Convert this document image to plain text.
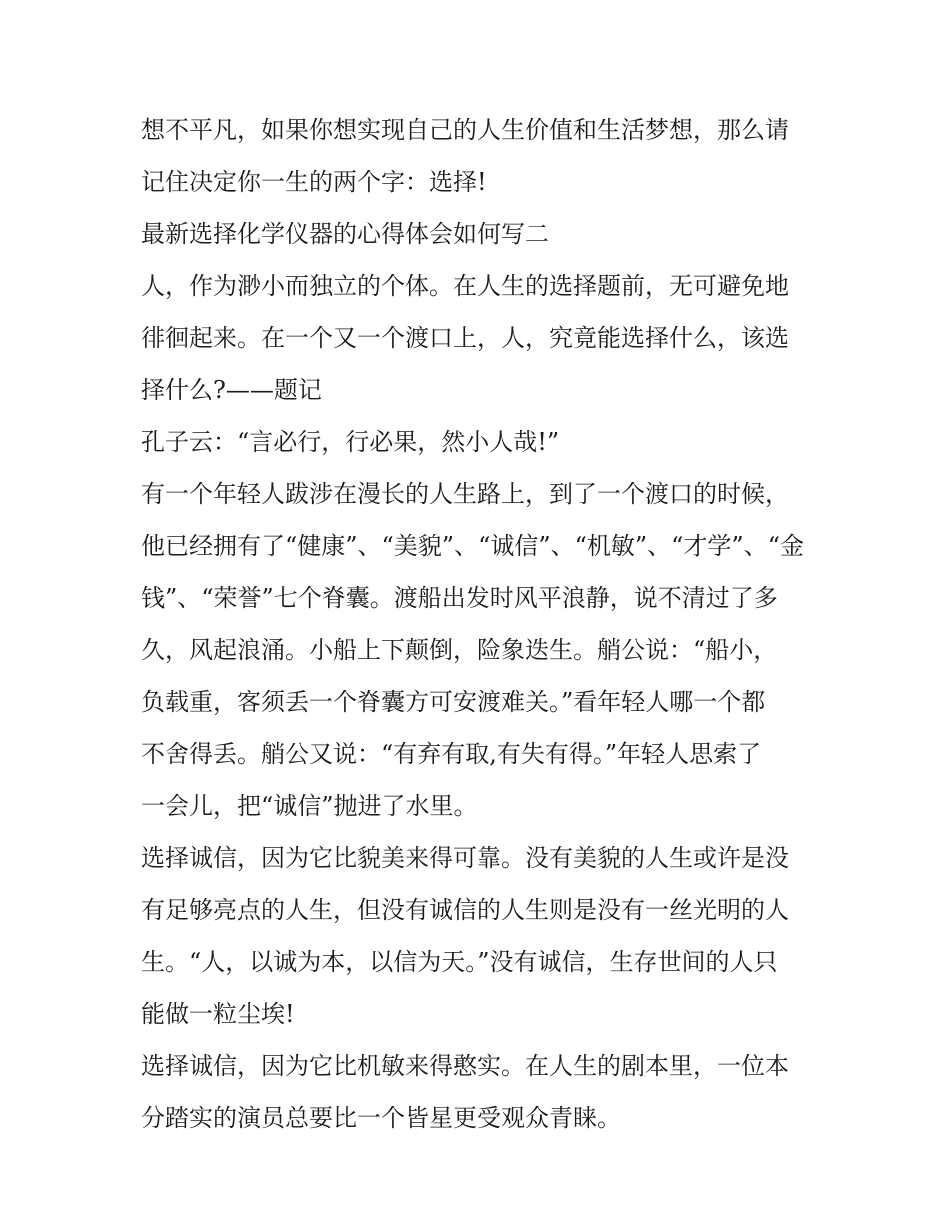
想不平凡，如果你想实现自己的人生价值和生活梦想，那么请
记住决定你一生的两个字：选择!
最新选择化学仪器的心得体会如何写二
人，作为渺小而独立的个体。在人生的选择题前，无可避免地
徘徊起来。在一个又一个渡口上，人，究竟能选择什么，该选
择什么?——题记
孔子云：“言必行，行必果，然小人哉!”
有一个年轻人跋涉在漫长的人生路上，到了一个渡口的时候，
他已经拥有了“健康”、“美貌”、“诚信”、“机敏”、“才学”、“金
钱”、“荣誉”七个脊囊。渡船出发时风平浪静，说不清过了多
久，风起浪涌。小船上下颠倒，险象迭生。艄公说：“船小，
负载重，客须丢一个脊囊方可安渡难关。”看年轻人哪一个都
不舍得丢。艄公又说：“有弃有取,有失有得。”年轻人思索了
一会儿，把“诚信”抛进了水里。
选择诚信，因为它比貌美来得可靠。没有美貌的人生或许是没
有足够亮点的人生，但没有诚信的人生则是没有一丝光明的人
生。“人，以诚为本，以信为天。”没有诚信，生存世间的人只
能做一粒尘埃!
选择诚信，因为它比机敏来得憨实。在人生的剧本里，一位本
分踏实的演员总要比一个皆星更受观众青睐。
